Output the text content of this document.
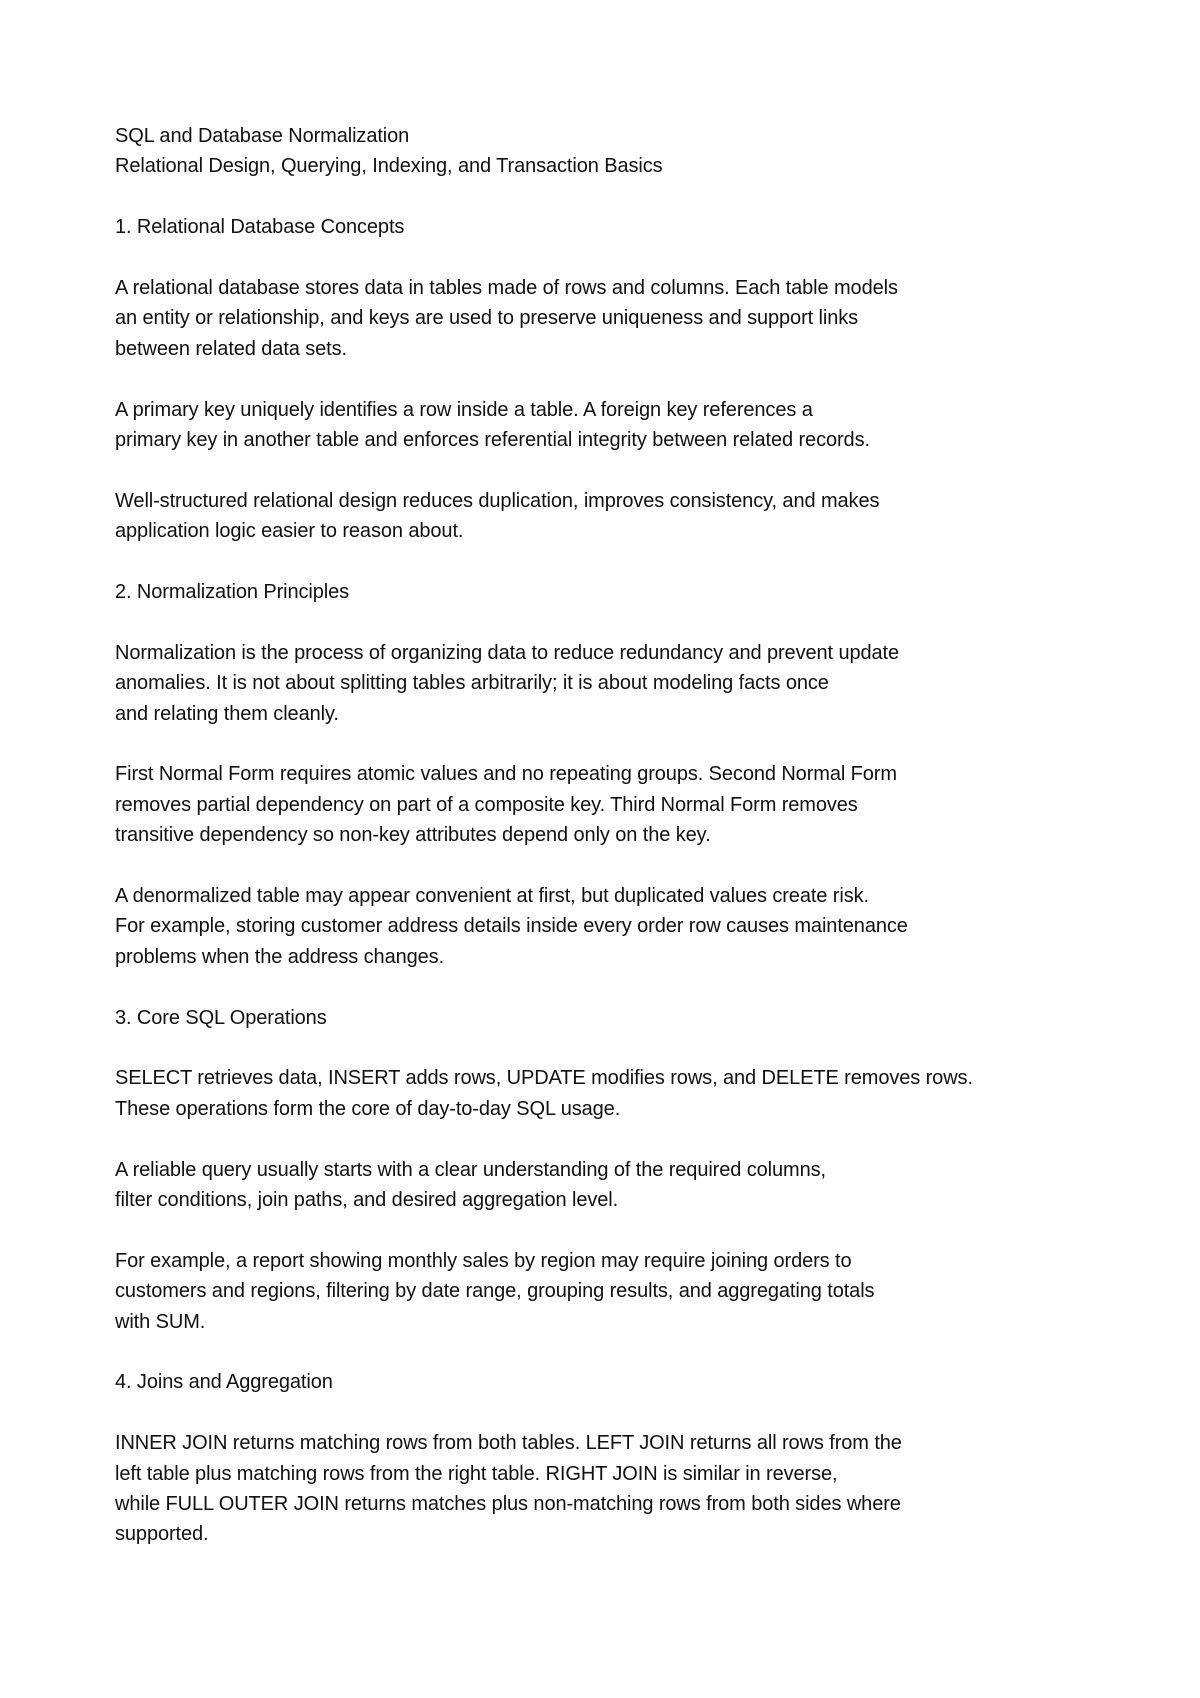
SQL and Database Normalization
Relational Design, Querying, Indexing, and Transaction Basics
1. Relational Database Concepts
A relational database stores data in tables made of rows and columns. Each table models
an entity or relationship, and keys are used to preserve uniqueness and support links
between related data sets.
A primary key uniquely identifies a row inside a table. A foreign key references a
primary key in another table and enforces referential integrity between related records.
Well-structured relational design reduces duplication, improves consistency, and makes
application logic easier to reason about.
2. Normalization Principles
Normalization is the process of organizing data to reduce redundancy and prevent update
anomalies. It is not about splitting tables arbitrarily; it is about modeling facts once
and relating them cleanly.
First Normal Form requires atomic values and no repeating groups. Second Normal Form
removes partial dependency on part of a composite key. Third Normal Form removes
transitive dependency so non-key attributes depend only on the key.
A denormalized table may appear convenient at first, but duplicated values create risk.
For example, storing customer address details inside every order row causes maintenance
problems when the address changes.
3. Core SQL Operations
SELECT retrieves data, INSERT adds rows, UPDATE modifies rows, and DELETE removes rows.
These operations form the core of day-to-day SQL usage.
A reliable query usually starts with a clear understanding of the required columns,
filter conditions, join paths, and desired aggregation level.
For example, a report showing monthly sales by region may require joining orders to
customers and regions, filtering by date range, grouping results, and aggregating totals
with SUM.
4. Joins and Aggregation
INNER JOIN returns matching rows from both tables. LEFT JOIN returns all rows from the
left table plus matching rows from the right table. RIGHT JOIN is similar in reverse,
while FULL OUTER JOIN returns matches plus non-matching rows from both sides where
supported.
